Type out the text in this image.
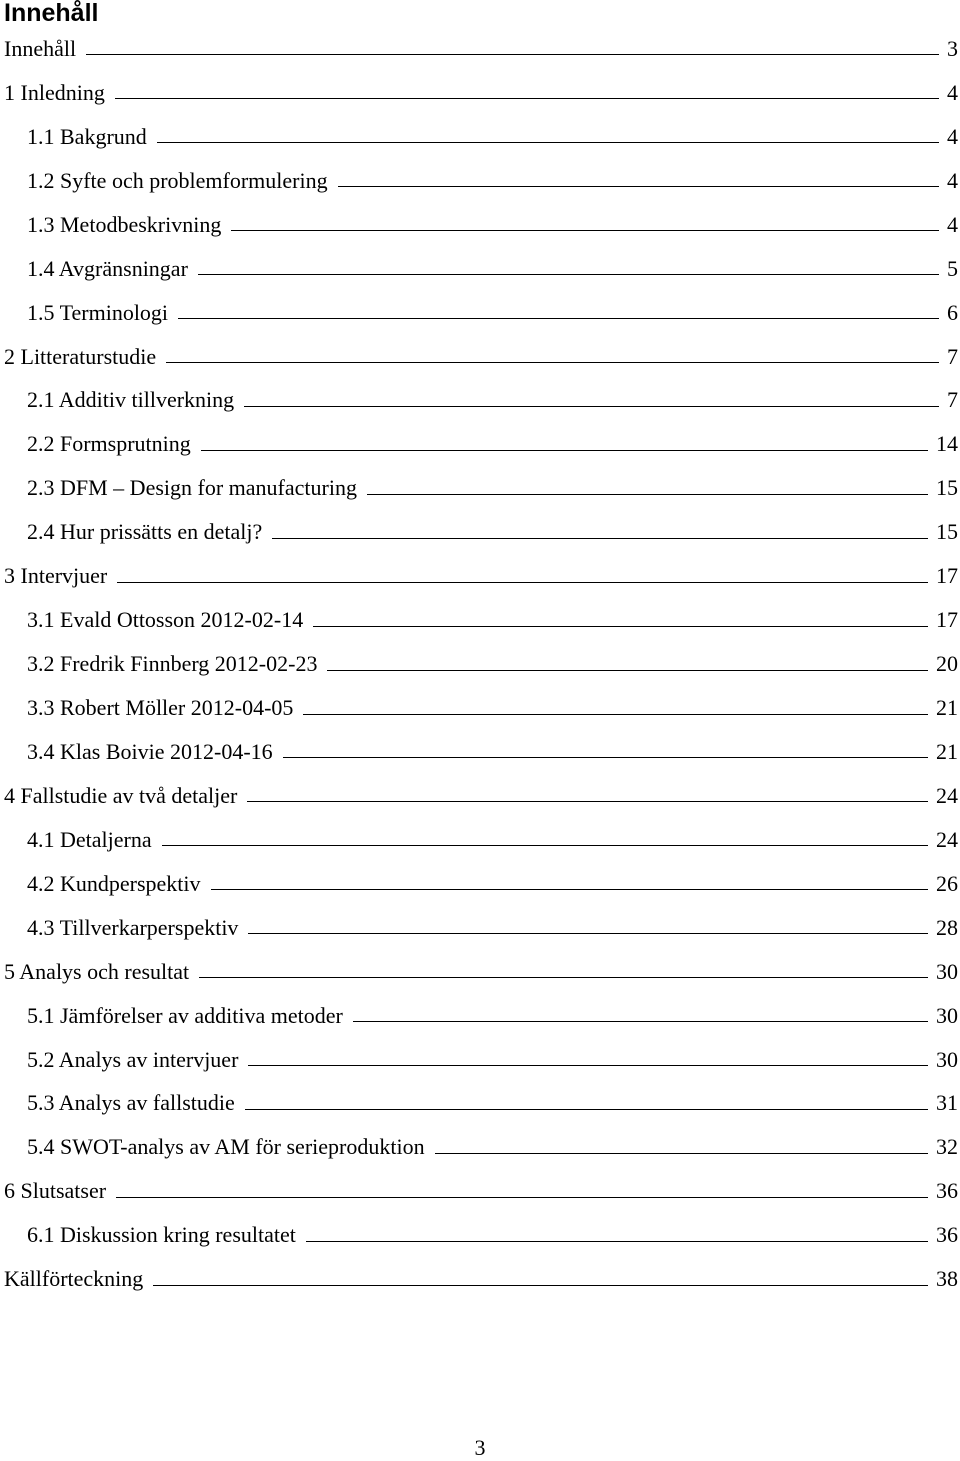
Innehåll
Innehåll	3
1 Inledning	4
1.1 Bakgrund	4
1.2 Syfte och problemformulering	4
1.3 Metodbeskrivning	4
1.4 Avgränsningar	5
1.5 Terminologi	6
2 Litteraturstudie	7
2.1 Additiv tillverkning	7
2.2 Formsprutning	14
2.3 DFM – Design for manufacturing	15
2.4 Hur prissätts en detalj?	15
3 Intervjuer	17
3.1 Evald Ottosson 2012-02-14	17
3.2 Fredrik Finnberg 2012-02-23	20
3.3 Robert Möller 2012-04-05	21
3.4 Klas Boivie 2012-04-16	21
4 Fallstudie av två detaljer	24
4.1 Detaljerna	24
4.2 Kundperspektiv	26
4.3 Tillverkarperspektiv	28
5 Analys och resultat	30
5.1 Jämförelser av additiva metoder	30
5.2 Analys av intervjuer	30
5.3 Analys av fallstudie	31
5.4 SWOT-analys av AM för serieproduktion	32
6 Slutsatser	36
6.1 Diskussion kring resultatet	36
Källförteckning	38
3
